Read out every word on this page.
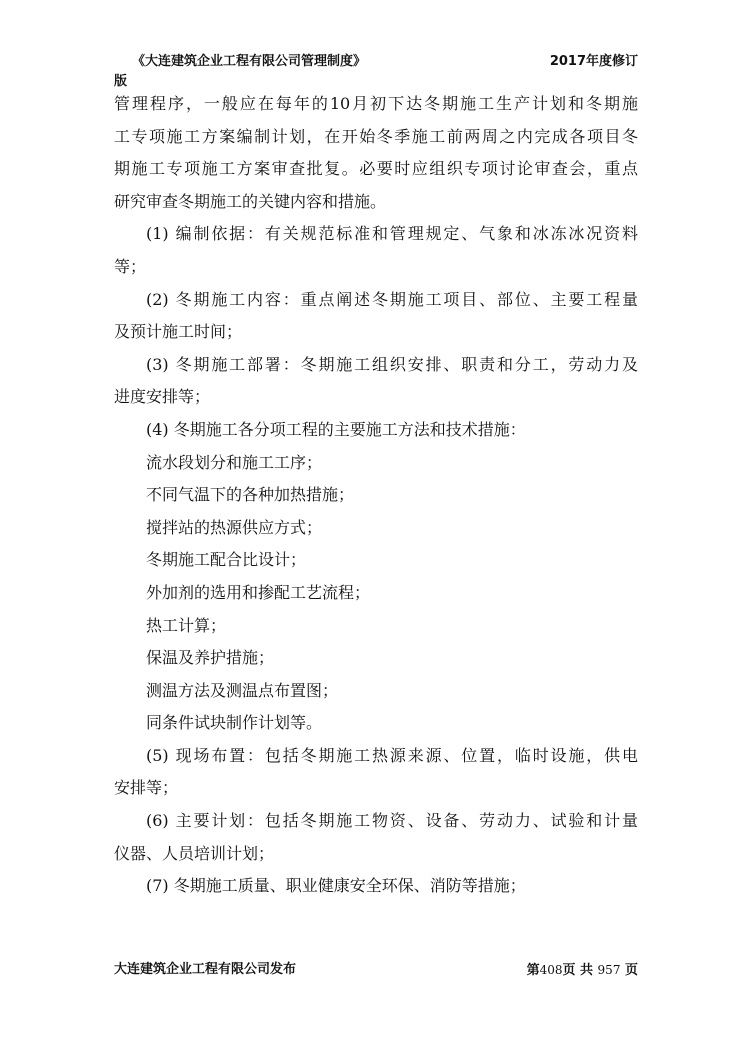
《大连建筑企业工程有限公司管理制度》	2017年度修订
版
管理程序，一般应在每年的10月初下达冬期施工生产计划和冬期施
工专项施工方案编制计划，在开始冬季施工前两周之内完成各项目冬
期施工专项施工方案审查批复。必要时应组织专项讨论审查会，重点
研究审查冬期施工的关键内容和措施。
(1) 编制依据：有关规范标准和管理规定、气象和冰冻冰况资料
等；
(2) 冬期施工内容：重点阐述冬期施工项目、部位、主要工程量
及预计施工时间；
(3) 冬期施工部署：冬期施工组织安排、职责和分工，劳动力及
进度安排等；
(4) 冬期施工各分项工程的主要施工方法和技术措施：
流水段划分和施工工序；
不同气温下的各种加热措施；
搅拌站的热源供应方式；
冬期施工配合比设计；
外加剂的选用和掺配工艺流程；
热工计算；
保温及养护措施；
测温方法及测温点布置图；
同条件试块制作计划等。
(5) 现场布置：包括冬期施工热源来源、位置，临时设施，供电
安排等；
(6) 主要计划：包括冬期施工物资、设备、劳动力、试验和计量
仪器、人员培训计划；
(7) 冬期施工质量、职业健康安全环保、消防等措施；
大连建筑企业工程有限公司发布	第408页 共 957 页
